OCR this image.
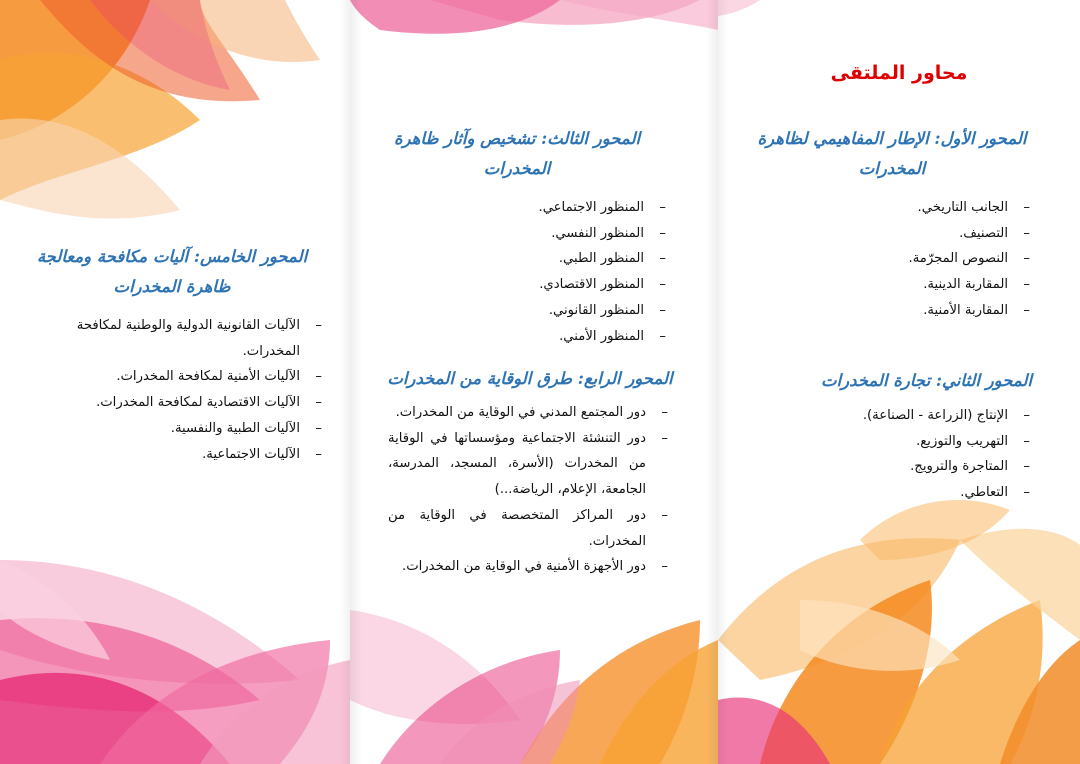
محاور الملتقى
المحور الأول: الإطار المفاهيمي لظاهرة المخدرات
– الجانب التاريخي.
– التصنيف.
– النصوص المجرّمة.
– المقاربة الدينية.
– المقاربة الأمنية.
المحور الثاني: تجارة المخدرات
– الإنتاج (الزراعة - الصناعة).
– التهريب والتوزيع.
– المتاجرة والترويج.
– التعاطي.
المحور الثالث: تشخيص وآثار ظاهرة المخدرات
– المنظور الاجتماعي.
– المنظور النفسي.
– المنظور الطبي.
– المنظور الاقتصادي.
– المنظور القانوني.
– المنظور الأمني.
المحور الرابع: طرق الوقاية من المخدرات
– دور المجتمع المدني في الوقاية من المخدرات.
– دور التنشئة الاجتماعية ومؤسساتها في الوقاية من المخدرات (الأسرة، المسجد، المدرسة، الجامعة، الإعلام، الرياضة...)
– دور المراكز المتخصصة في الوقاية من المخدرات.
– دور الأجهزة الأمنية في الوقاية من المخدرات.
المحور الخامس: آليات مكافحة ومعالجة ظاهرة المخدرات
– الآليات القانونية الدولية والوطنية لمكافحة المخدرات.
– الآليات الأمنية لمكافحة المخدرات.
– الآليات الاقتصادية لمكافحة المخدرات.
– الآليات الطبية والنفسية.
– الآليات الاجتماعية.
